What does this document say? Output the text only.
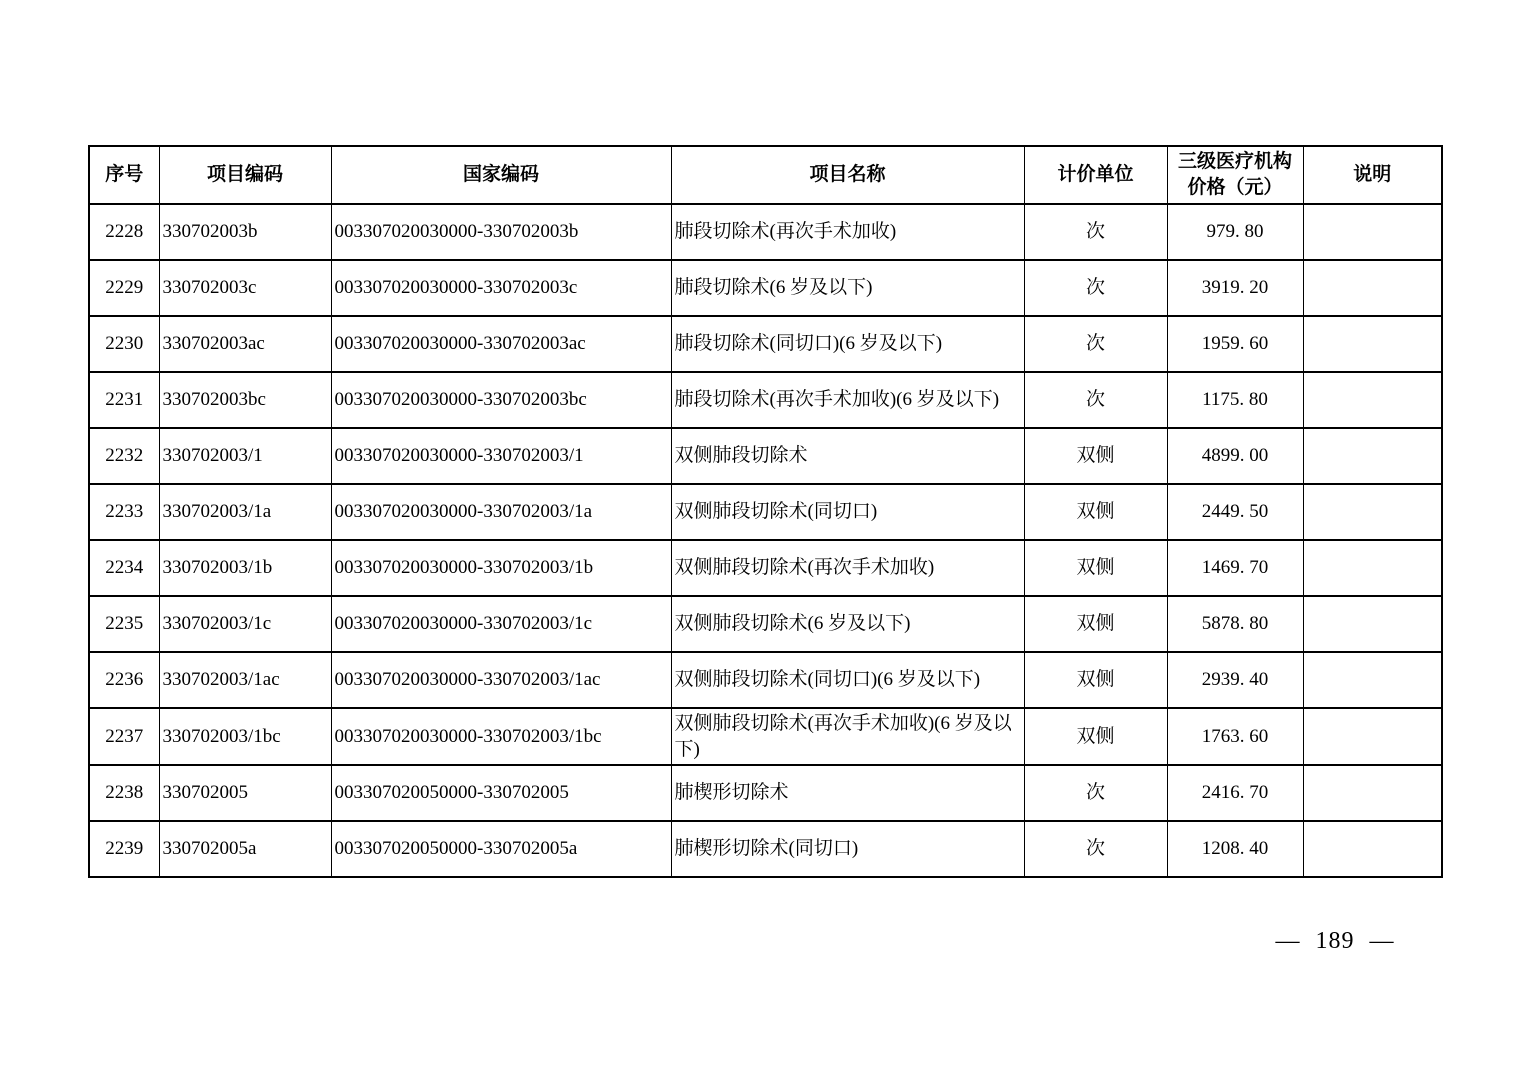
序号	项目编码	国家编码	项目名称	计价单位	三级医疗机构价格（元）	说明
2228	330702003b	003307020030000-330702003b	肺段切除术(再次手术加收)	次	979. 80	
2229	330702003c	003307020030000-330702003c	肺段切除术(6 岁及以下)	次	3919. 20	
2230	330702003ac	003307020030000-330702003ac	肺段切除术(同切口)(6 岁及以下)	次	1959. 60	
2231	330702003bc	003307020030000-330702003bc	肺段切除术(再次手术加收)(6 岁及以下)	次	1175. 80	
2232	330702003/1	003307020030000-330702003/1	双侧肺段切除术	双侧	4899. 00	
2233	330702003/1a	003307020030000-330702003/1a	双侧肺段切除术(同切口)	双侧	2449. 50	
2234	330702003/1b	003307020030000-330702003/1b	双侧肺段切除术(再次手术加收)	双侧	1469. 70	
2235	330702003/1c	003307020030000-330702003/1c	双侧肺段切除术(6 岁及以下)	双侧	5878. 80	
2236	330702003/1ac	003307020030000-330702003/1ac	双侧肺段切除术(同切口)(6 岁及以下)	双侧	2939. 40	
2237	330702003/1bc	003307020030000-330702003/1bc	双侧肺段切除术(再次手术加收)(6 岁及以下)	双侧	1763. 60	
2238	330702005	003307020050000-330702005	肺楔形切除术	次	2416. 70	
2239	330702005a	003307020050000-330702005a	肺楔形切除术(同切口)	次	1208. 40	
— 189 —
